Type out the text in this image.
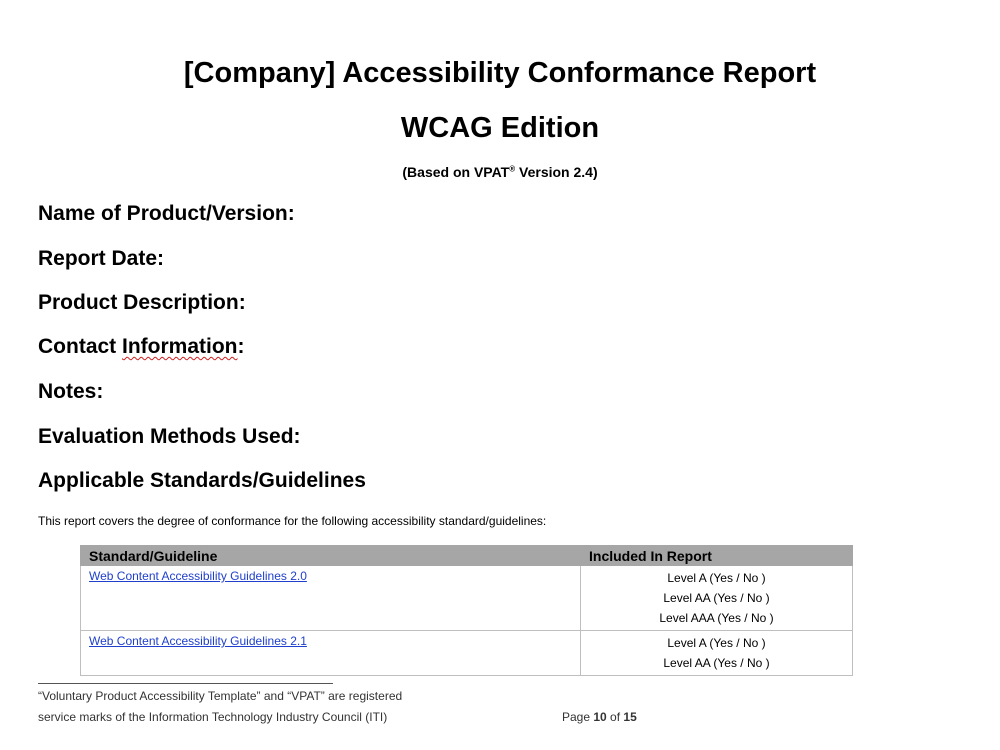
[Company] Accessibility Conformance Report
WCAG Edition
(Based on VPAT® Version 2.4)
Name of Product/Version:
Report Date:
Product Description:
Contact Information:
Notes:
Evaluation Methods Used:
Applicable Standards/Guidelines
This report covers the degree of conformance for the following accessibility standard/guidelines:
Standard/Guideline	Included In Report
Web Content Accessibility Guidelines 2.0	Level A (Yes / No )
Level AA (Yes / No )
Level AAA (Yes / No )

Web Content Accessibility Guidelines 2.1	Level A (Yes / No )
Level AA (Yes / No )
“Voluntary Product Accessibility Template” and “VPAT” are registered
service marks of the Information Technology Industry Council (ITI)	Page 10 of 15
